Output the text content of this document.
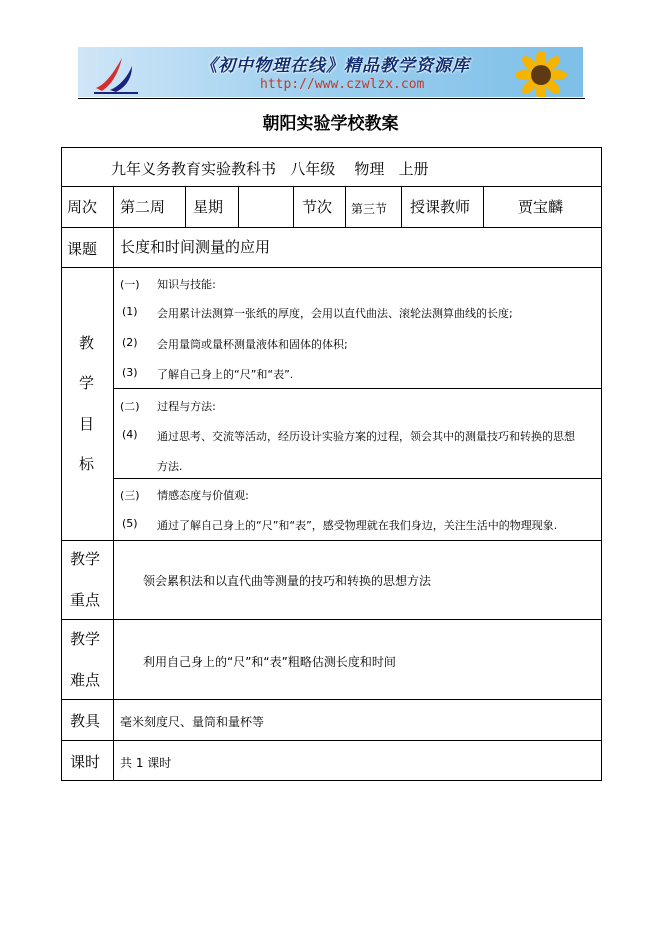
《初中物理在线》精品教学资源库
http://www.czwlzx.com
朝阳实验学校教案
九年义务教育实验教科书   八年级    物理   上册
周次 第二周 星期	节次 第三节 授课教师	贾宝麟
课题 长度和时间测量的应用
教
学
目
标
(一)     知识与技能:
(1) 会用累计法测算一张纸的厚度，会用以直代曲法、滚轮法测算曲线的长度;
(2) 会用量筒或量杯测量液体和固体的体积;
(3) 了解自己身上的“尺”和“表”.
(二)     过程与方法:
(4) 通过思考、交流等活动，经历设计实验方案的过程，领会其中的测量技巧和转换的思想
方法.
(三)     情感态度与价值观:
(5) 通过了解自己身上的“尺”和“表”，感受物理就在我们身边，关注生活中的物理现象.
教学
重点
领会累积法和以直代曲等测量的技巧和转换的思想方法
教学
难点
利用自己身上的“尺”和“表”粗略估测长度和时间
教具 毫米刻度尺、量筒和量杯等
课时 共 1 课时
